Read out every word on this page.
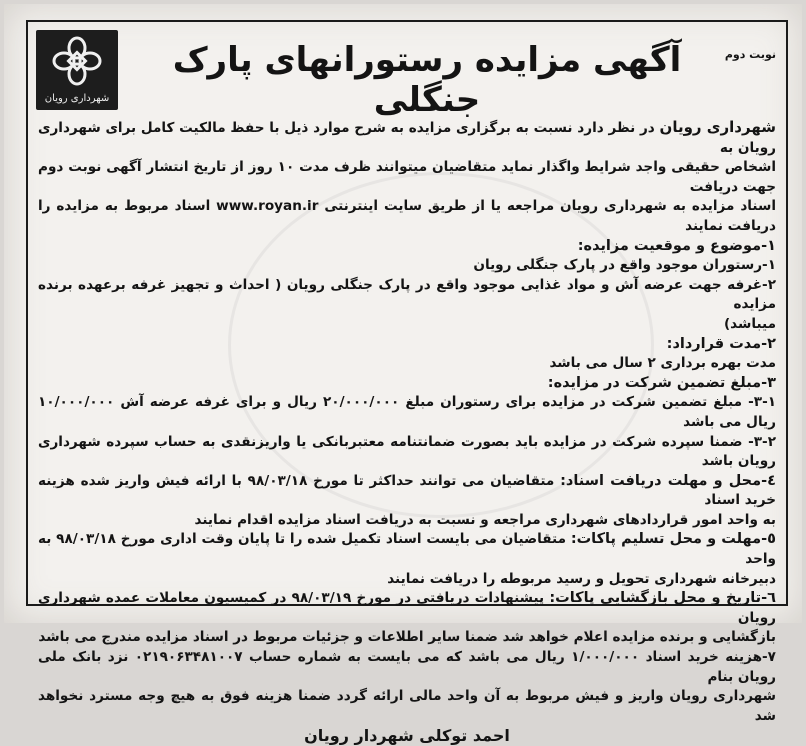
شهرداری رویان
آگهی مزایده رستورانهای پارک جنگلی
نوبت دوم

شهرداری رویان در نظر دارد نسبت به برگزاری مزایده به شرح موارد ذیل با حفظ مالکیت کامل برای شهرداری رویان به

اشخاص حقیقی واجد شرایط واگذار نماید متقاضیان میتوانند ظرف مدت ۱۰ روز از تاریخ انتشار آگهی نوبت دوم جهت دریافت

اسناد مزایده به شهرداری رویان مراجعه یا از طریق سایت اینترنتی www.royan.ir اسناد مربوط به مزایده را دریافت نمایند

۱-موضوع و موقعیت مزایده:

۱-رستوران موجود واقع در پارک جنگلی رویان

۲-غرفه جهت عرضه آش و مواد غذایی موجود واقع در پارک جنگلی رویان ( احداث و تجهیز غرفه برعهده برنده مزایده

میباشد)

۲-مدت قرارداد:

مدت بهره برداری ۲ سال می باشد

۳-مبلغ تضمین شرکت در مزایده:

۳-۱- مبلغ تضمین شرکت در مزایده برای رستوران مبلغ ۲۰/۰۰۰/۰۰۰ ریال و برای غرفه عرضه آش ۱۰/۰۰۰/۰۰۰ ریال می باشد

۳-۲- ضمنا سپرده شرکت در مزایده باید بصورت ضمانتنامه معتبربانکی یا واریزنقدی به حساب سپرده شهرداری رویان باشد

٤-محل و مهلت دریافت اسناد: متقاضیان می توانند حداکثر تا مورخ ۹۸/۰۳/۱۸ با ارائه فیش واریز شده هزینه خرید اسناد

به واحد امور قراردادهای شهرداری مراجعه و نسبت به دریافت اسناد مزایده اقدام نمایند

٥-مهلت و محل تسلیم پاکات: متقاضیان می بایست اسناد تکمیل شده را تا پایان وقت اداری مورخ ۹۸/۰۳/۱۸ به واحد

دبیرخانه شهرداری تحویل و رسید مربوطه را دریافت نمایند

٦-تاریخ و محل بازگشایی پاکات: پیشنهادات دریافتی در مورخ ۹۸/۰۳/۱۹ در کمیسیون معاملات عمده شهرداری رویان

بازگشایی و برنده مزایده اعلام خواهد شد ضمنا سایر اطلاعات و جزئیات مربوط در اسناد مزایده مندرج می باشد

۷-هزینه خرید اسناد ۱/۰۰۰/۰۰۰ ریال می باشد که می بایست به شماره حساب ۰۲۱۹۰۶۳۴۸۱۰۰۷ نزد بانک ملی رویان بنام

شهرداری رویان واریز و فیش مربوط به آن واحد مالی ارائه گردد ضمنا هزینه فوق به هیچ وجه مسترد نخواهد شد

احمد توکلی شهردار رویان
